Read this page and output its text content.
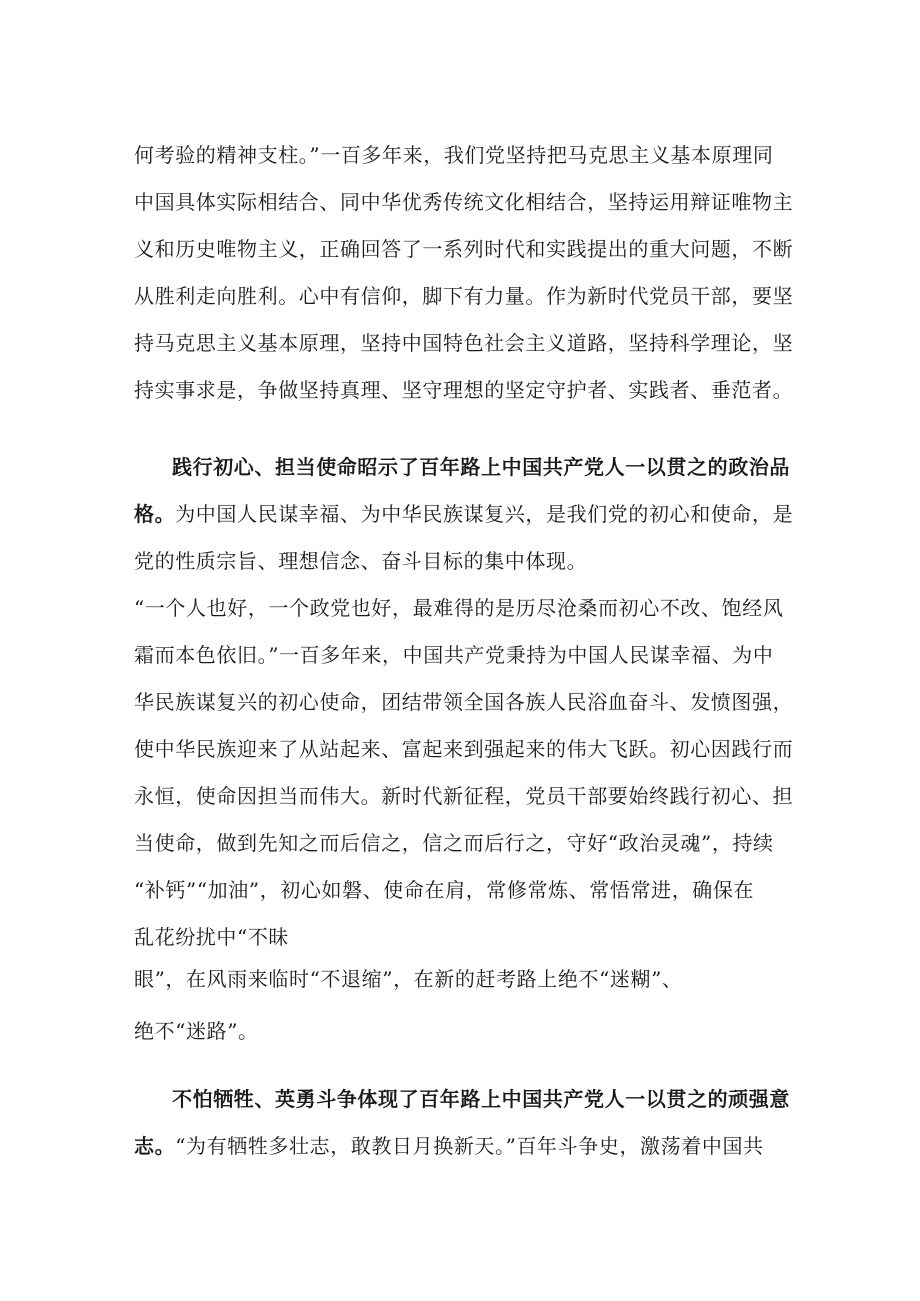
何考验的精神支柱。”一百多年来，我们党坚持把马克思主义基本原理同
中国具体实际相结合、同中华优秀传统文化相结合，坚持运用辩证唯物主
义和历史唯物主义，正确回答了一系列时代和实践提出的重大问题，不断
从胜利走向胜利。心中有信仰，脚下有力量。作为新时代党员干部，要坚
持马克思主义基本原理，坚持中国特色社会主义道路，坚持科学理论，坚
持实事求是，争做坚持真理、坚守理想的坚定守护者、实践者、垂范者。
践行初心、担当使命昭示了百年路上中国共产党人一以贯之的政治品
格。为中国人民谋幸福、为中华民族谋复兴，是我们党的初心和使命，是
党的性质宗旨、理想信念、奋斗目标的集中体现。
“一个人也好，一个政党也好，最难得的是历尽沧桑而初心不改、饱经风
霜而本色依旧。”一百多年来，中国共产党秉持为中国人民谋幸福、为中
华民族谋复兴的初心使命，团结带领全国各族人民浴血奋斗、发愤图强，
使中华民族迎来了从站起来、富起来到强起来的伟大飞跃。初心因践行而
永恒，使命因担当而伟大。新时代新征程，党员干部要始终践行初心、担
当使命，做到先知之而后信之，信之而后行之，守好“政治灵魂”，持续
“补钙”“加油”，初心如磐、使命在肩，常修常炼、常悟常进，确保在
乱花纷扰中“不昧
眼”，在风雨来临时“不退缩”，在新的赶考路上绝不“迷糊”、
绝不“迷路”。
不怕牺牲、英勇斗争体现了百年路上中国共产党人一以贯之的顽强意
志。“为有牺牲多壮志，敢教日月换新天。”百年斗争史，激荡着中国共
